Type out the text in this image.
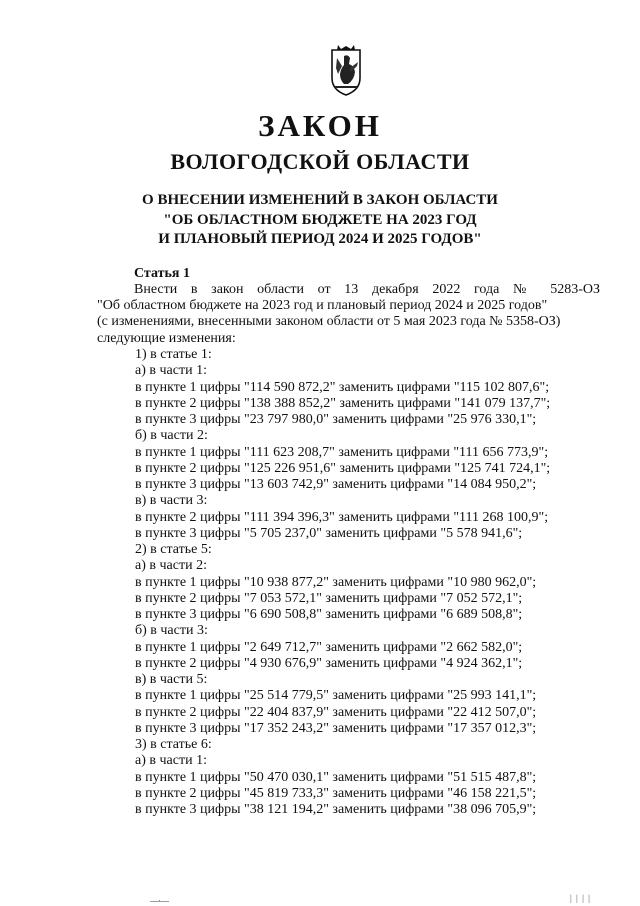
ЗАКОН
ВОЛОГОДСКОЙ ОБЛАСТИ
О ВНЕСЕНИИ ИЗМЕНЕНИЙ В ЗАКОН ОБЛАСТИ
"ОБ ОБЛАСТНОМ БЮДЖЕТЕ НА 2023 ГОД
И ПЛАНОВЫЙ ПЕРИОД 2024 И 2025 ГОДОВ"
Статья 1
Внести в закон области от 13 декабря 2022 года № 5283-ОЗ
"Об областном бюджете на 2023 год и плановый период 2024 и 2025 годов"
(с изменениями, внесенными законом области от 5 мая 2023 года № 5358-ОЗ)
следующие изменения:
1) в статье 1:
а) в части 1:
в пункте 1 цифры "114 590 872,2" заменить цифрами "115 102 807,6";
в пункте 2 цифры "138 388 852,2" заменить цифрами "141 079 137,7";
в пункте 3 цифры "23 797 980,0" заменить цифрами "25 976 330,1";
б) в части 2:
в пункте 1 цифры "111 623 208,7" заменить цифрами "111 656 773,9";
в пункте 2 цифры "125 226 951,6" заменить цифрами "125 741 724,1";
в пункте 3 цифры "13 603 742,9" заменить цифрами "14 084 950,2";
в) в части 3:
в пункте 2 цифры "111 394 396,3" заменить цифрами "111 268 100,9";
в пункте 3 цифры "5 705 237,0" заменить цифрами "5 578 941,6";
2) в статье 5:
а) в части 2:
в пункте 1 цифры "10 938 877,2" заменить цифрами "10 980 962,0";
в пункте 2 цифры "7 053 572,1" заменить цифрами "7 052 572,1";
в пункте 3 цифры "6 690 508,8" заменить цифрами "6 689 508,8";
б) в части 3:
в пункте 1 цифры "2 649 712,7" заменить цифрами "2 662 582,0";
в пункте 2 цифры "4 930 676,9" заменить цифрами "4 924 362,1";
в) в части 5:
в пункте 1 цифры "25 514 779,5" заменить цифрами "25 993 141,1";
в пункте 2 цифры "22 404 837,9" заменить цифрами "22 412 507,0";
в пункте 3 цифры "17 352 243,2" заменить цифрами "17 357 012,3";
3) в статье 6:
а) в части 1:
в пункте 1 цифры "50 470 030,1" заменить цифрами "51 515 487,8";
в пункте 2 цифры "45 819 733,3" заменить цифрами "46 158 221,5";
в пункте 3 цифры "38 121 194,2" заменить цифрами "38 096 705,9";
—·—	| | | |
